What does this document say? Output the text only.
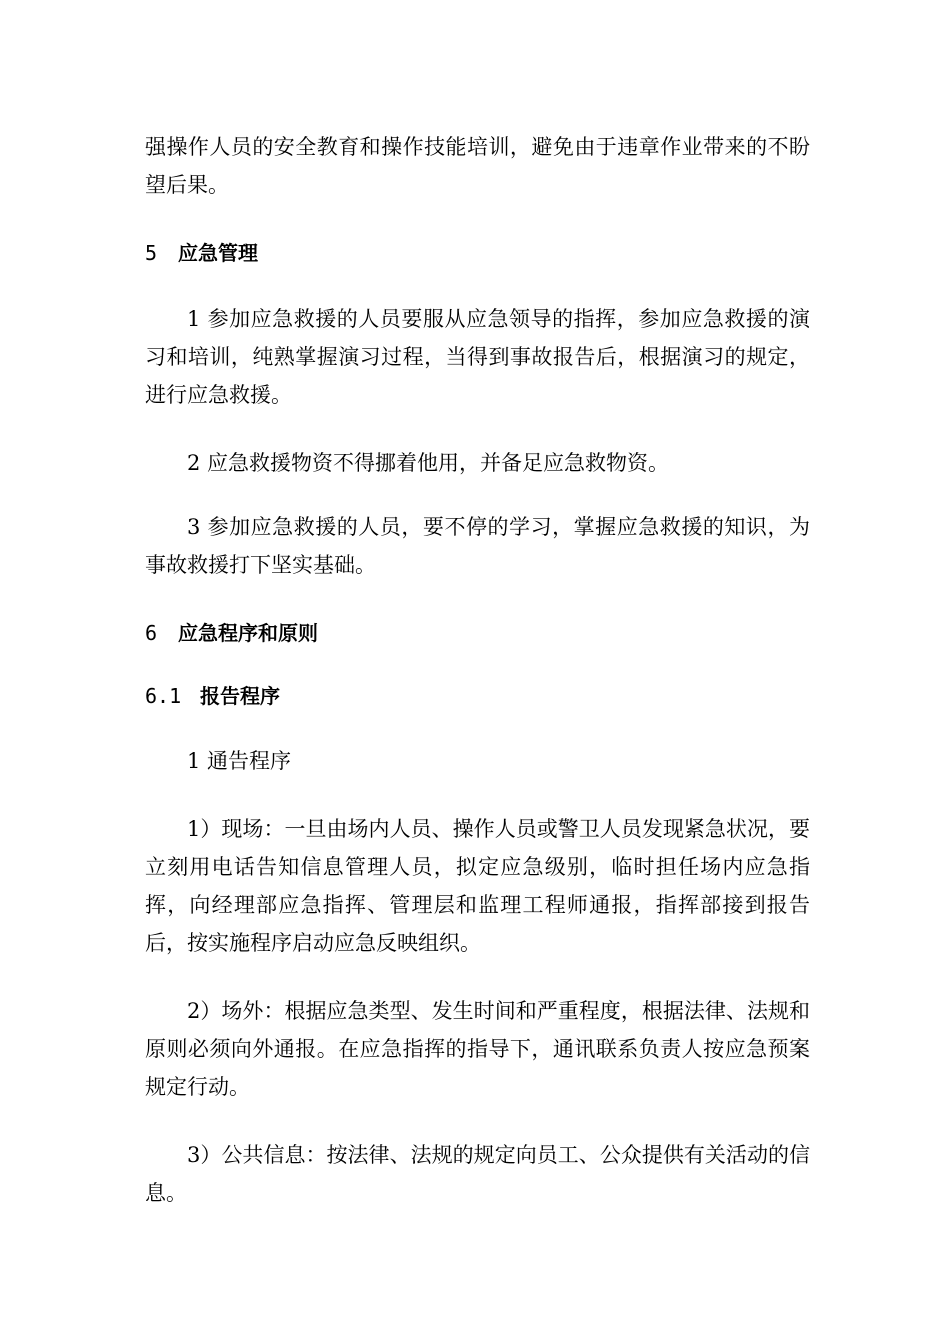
强操作人员的安全教育和操作技能培训，避免由于违章作业带来的不盼望后果。

5 应急管理

1 参加应急救援的人员要服从应急领导的指挥，参加应急救援的演习和培训，纯熟掌握演习过程，当得到事故报告后，根据演习的规定，进行应急救援。

2 应急救援物资不得挪着他用，并备足应急救物资。

3 参加应急救援的人员，要不停的学习，掌握应急救援的知识，为事故救援打下坚实基础。

6 应急程序和原则
6.1 报告程序

1 通告程序

1）现场：一旦由场内人员、操作人员或警卫人员发现紧急状况，要立刻用电话告知信息管理人员，拟定应急级别，临时担任场内应急指挥，向经理部应急指挥、管理层和监理工程师通报，指挥部接到报告后，按实施程序启动应急反映组织。

2）场外：根据应急类型、发生时间和严重程度，根据法律、法规和原则必须向外通报。在应急指挥的指导下，通讯联系负责人按应急预案规定行动。

3）公共信息：按法律、法规的规定向员工、公众提供有关活动的信息。
